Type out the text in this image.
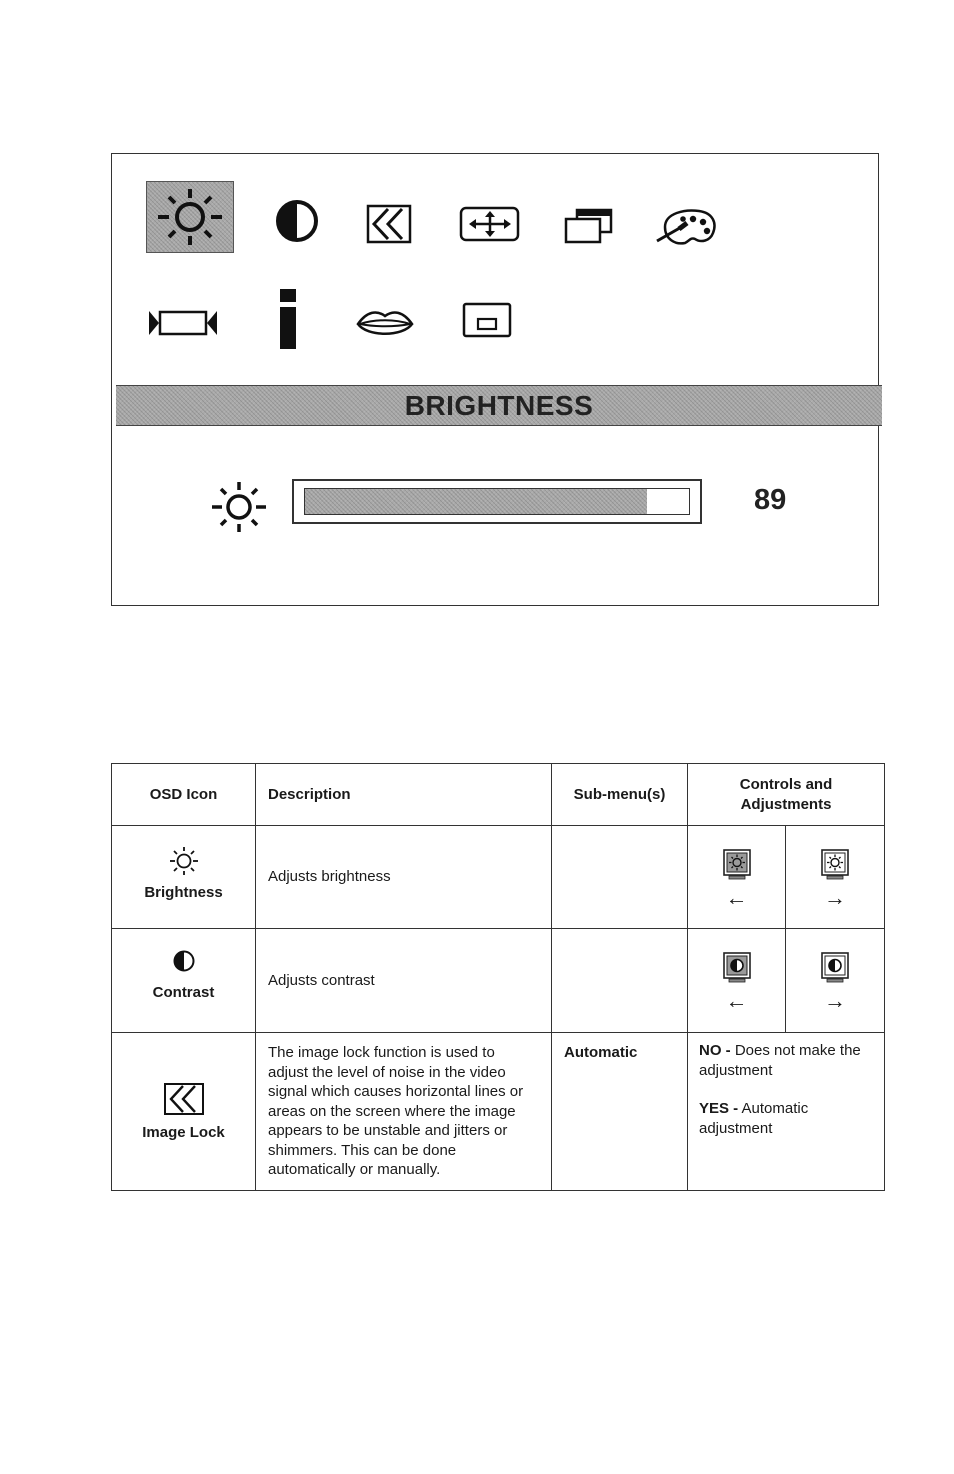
BRIGHTNESS
89
OSD Icon	Description	Sub-menu(s)	Controls and Adjustments	

Brightness	Adjusts brightness		←	→

Contrast	Adjusts contrast		←	→

Image Lock	The image lock function is used to adjust the level of noise in the video signal which causes horizontal lines or areas on the screen where the image appears to be unstable and jitters or shimmers. This can be done automatically or manually.	Automatic	NO - Does not make the adjustment
YES - Automatic adjustment	
